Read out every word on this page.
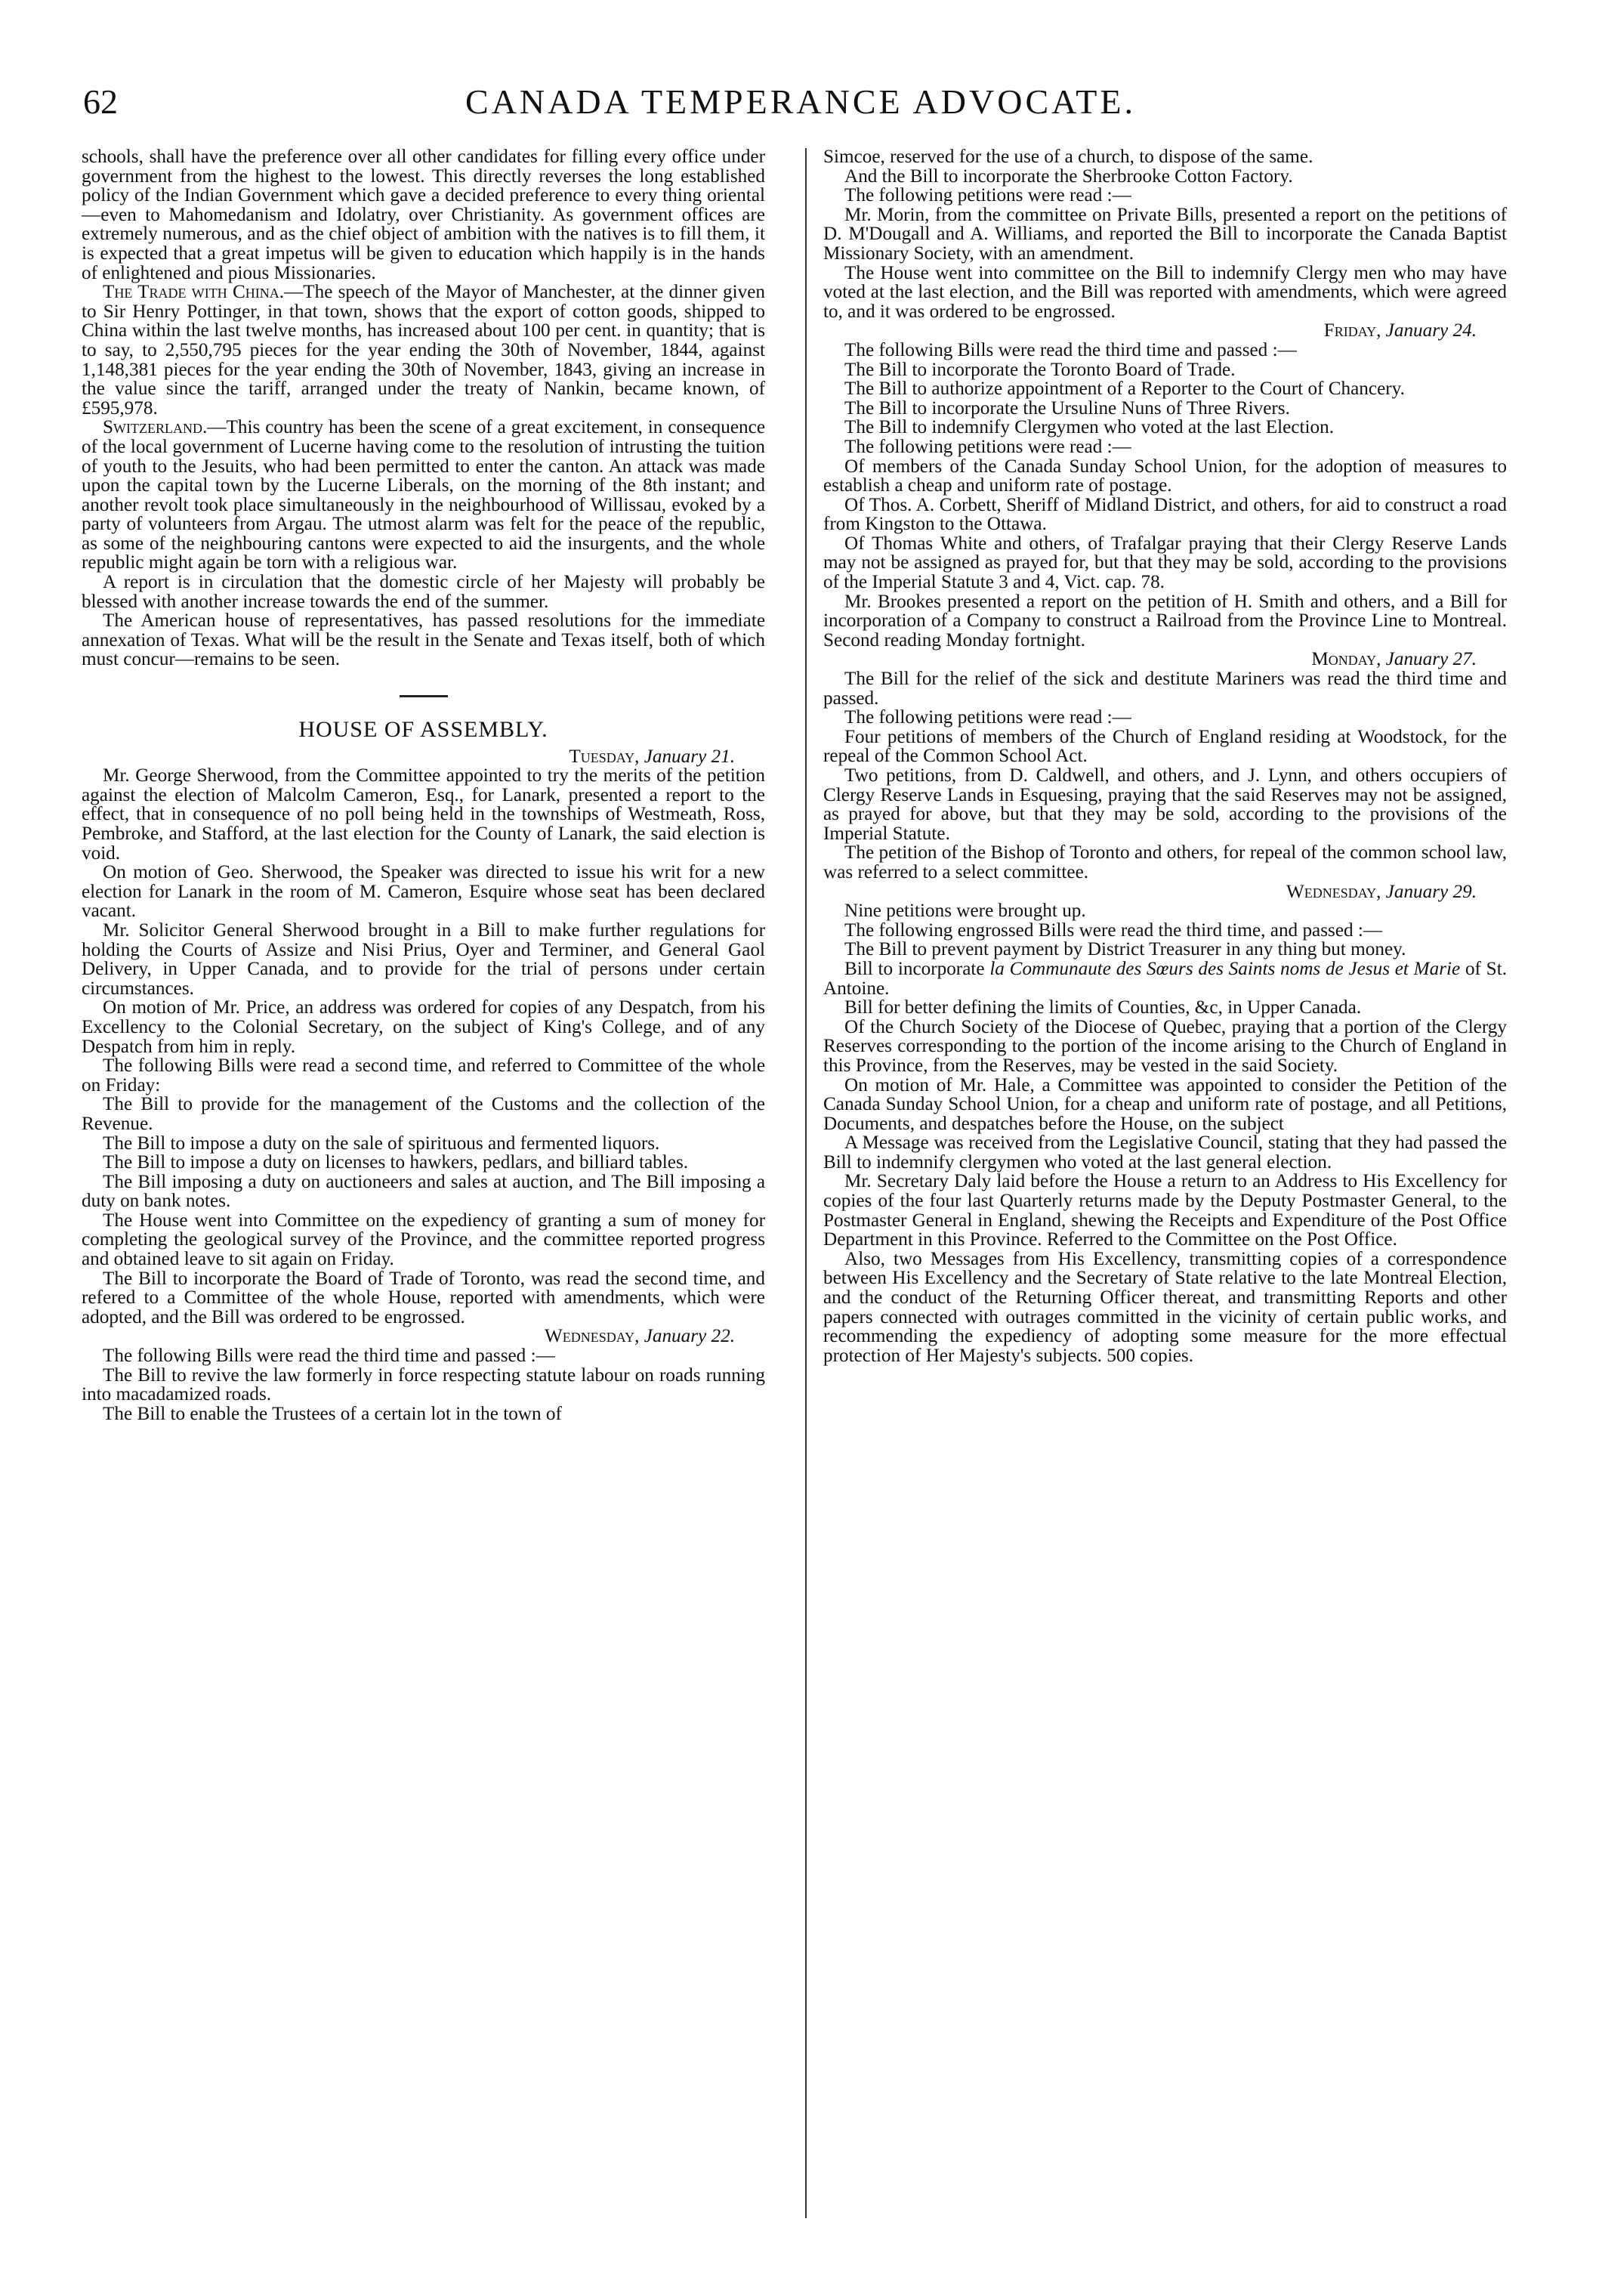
62	CANADA TEMPERANCE ADVOCATE.

schools, shall have the preference over all other candidates for filling every office under government from the highest to the lowest. This directly reverses the long established policy of the Indian Government which gave a decided preference to every thing oriental—even to Mahomedanism and Idolatry, over Christianity. As government offices are extremely numerous, and as the chief object of ambition with the natives is to fill them, it is expected that a great impetus will be given to education which happily is in the hands of enlightened and pious Missionaries.

The Trade with China.—The speech of the Mayor of Manchester, at the dinner given to Sir Henry Pottinger, in that town, shows that the export of cotton goods, shipped to China within the last twelve months, has increased about 100 per cent. in quantity; that is to say, to 2,550,795 pieces for the year ending the 30th of November, 1844, against 1,148,381 pieces for the year ending the 30th of November, 1843, giving an increase in the value since the tariff, arranged under the treaty of Nankin, became known, of £595,978.

Switzerland.—This country has been the scene of a great excitement, in consequence of the local government of Lucerne having come to the resolution of intrusting the tuition of youth to the Jesuits, who had been permitted to enter the canton. An attack was made upon the capital town by the Lucerne Liberals, on the morning of the 8th instant; and another revolt took place simultaneously in the neighbourhood of Willissau, evoked by a party of volunteers from Argau. The utmost alarm was felt for the peace of the republic, as some of the neighbouring cantons were expected to aid the insurgents, and the whole republic might again be torn with a religious war.

A report is in circulation that the domestic circle of her Majesty will probably be blessed with another increase towards the end of the summer.

The American house of representatives, has passed resolutions for the immediate annexation of Texas. What will be the result in the Senate and Texas itself, both of which must concur—remains to be seen.

HOUSE OF ASSEMBLY.

Tuesday, January 21.

Mr. George Sherwood, from the Committee appointed to try the merits of the petition against the election of Malcolm Cameron, Esq., for Lanark, presented a report to the effect, that in consequence of no poll being held in the townships of Westmeath, Ross, Pembroke, and Stafford, at the last election for the County of Lanark, the said election is void.

On motion of Geo. Sherwood, the Speaker was directed to issue his writ for a new election for Lanark in the room of M. Cameron, Esquire whose seat has been declared vacant.

Mr. Solicitor General Sherwood brought in a Bill to make further regulations for holding the Courts of Assize and Nisi Prius, Oyer and Terminer, and General Gaol Delivery, in Upper Canada, and to provide for the trial of persons under certain circumstances.

On motion of Mr. Price, an address was ordered for copies of any Despatch, from his Excellency to the Colonial Secretary, on the subject of King's College, and of any Despatch from him in reply.

The following Bills were read a second time, and referred to Committee of the whole on Friday:

The Bill to provide for the management of the Customs and the collection of the Revenue.

The Bill to impose a duty on the sale of spirituous and fermented liquors.

The Bill to impose a duty on licenses to hawkers, pedlars, and billiard tables.

The Bill imposing a duty on auctioneers and sales at auction, and The Bill imposing a duty on bank notes.

The House went into Committee on the expediency of granting a sum of money for completing the geological survey of the Province, and the committee reported progress and obtained leave to sit again on Friday.

The Bill to incorporate the Board of Trade of Toronto, was read the second time, and refered to a Committee of the whole House, reported with amendments, which were adopted, and the Bill was ordered to be engrossed.

Wednesday, January 22.

The following Bills were read the third time and passed :—

The Bill to revive the law formerly in force respecting statute labour on roads running into macadamized roads.

The Bill to enable the Trustees of a certain lot in the town of

Simcoe, reserved for the use of a church, to dispose of the same.

And the Bill to incorporate the Sherbrooke Cotton Factory.

The following petitions were read :—

Mr. Morin, from the committee on Private Bills, presented a report on the petitions of D. M'Dougall and A. Williams, and reported the Bill to incorporate the Canada Baptist Missionary Society, with an amendment.

The House went into committee on the Bill to indemnify Clergy men who may have voted at the last election, and the Bill was reported with amendments, which were agreed to, and it was ordered to be engrossed.

Friday, January 24.

The following Bills were read the third time and passed :—

The Bill to incorporate the Toronto Board of Trade.

The Bill to authorize appointment of a Reporter to the Court of Chancery.

The Bill to incorporate the Ursuline Nuns of Three Rivers.

The Bill to indemnify Clergymen who voted at the last Election.

The following petitions were read :—

Of members of the Canada Sunday School Union, for the adoption of measures to establish a cheap and uniform rate of postage.

Of Thos. A. Corbett, Sheriff of Midland District, and others, for aid to construct a road from Kingston to the Ottawa.

Of Thomas White and others, of Trafalgar praying that their Clergy Reserve Lands may not be assigned as prayed for, but that they may be sold, according to the provisions of the Imperial Statute 3 and 4, Vict. cap. 78.

Mr. Brookes presented a report on the petition of H. Smith and others, and a Bill for incorporation of a Company to construct a Railroad from the Province Line to Montreal. Second reading Monday fortnight.

Monday, January 27.

The Bill for the relief of the sick and destitute Mariners was read the third time and passed.

The following petitions were read :—

Four petitions of members of the Church of England residing at Woodstock, for the repeal of the Common School Act.

Two petitions, from D. Caldwell, and others, and J. Lynn, and others occupiers of Clergy Reserve Lands in Esquesing, praying that the said Reserves may not be assigned, as prayed for above, but that they may be sold, according to the provisions of the Imperial Statute.

The petition of the Bishop of Toronto and others, for repeal of the common school law, was referred to a select committee.

Wednesday, January 29.

Nine petitions were brought up.

The following engrossed Bills were read the third time, and passed :—

The Bill to prevent payment by District Treasurer in any thing but money.

Bill to incorporate la Communaute des Sœurs des Saints noms de Jesus et Marie of St. Antoine.

Bill for better defining the limits of Counties, &c, in Upper Canada.

Of the Church Society of the Diocese of Quebec, praying that a portion of the Clergy Reserves corresponding to the portion of the income arising to the Church of England in this Province, from the Reserves, may be vested in the said Society.

On motion of Mr. Hale, a Committee was appointed to consider the Petition of the Canada Sunday School Union, for a cheap and uniform rate of postage, and all Petitions, Documents, and despatches before the House, on the subject

A Message was received from the Legislative Council, stating that they had passed the Bill to indemnify clergymen who voted at the last general election.

Mr. Secretary Daly laid before the House a return to an Address to His Excellency for copies of the four last Quarterly returns made by the Deputy Postmaster General, to the Postmaster General in England, shewing the Receipts and Expenditure of the Post Office Department in this Province. Referred to the Committee on the Post Office.

Also, two Messages from His Excellency, transmitting copies of a correspondence between His Excellency and the Secretary of State relative to the late Montreal Election, and the conduct of the Returning Officer thereat, and transmitting Reports and other papers connected with outrages committed in the vicinity of certain public works, and recommending the expediency of adopting some measure for the more effectual protection of Her Majesty's subjects. 500 copies.
